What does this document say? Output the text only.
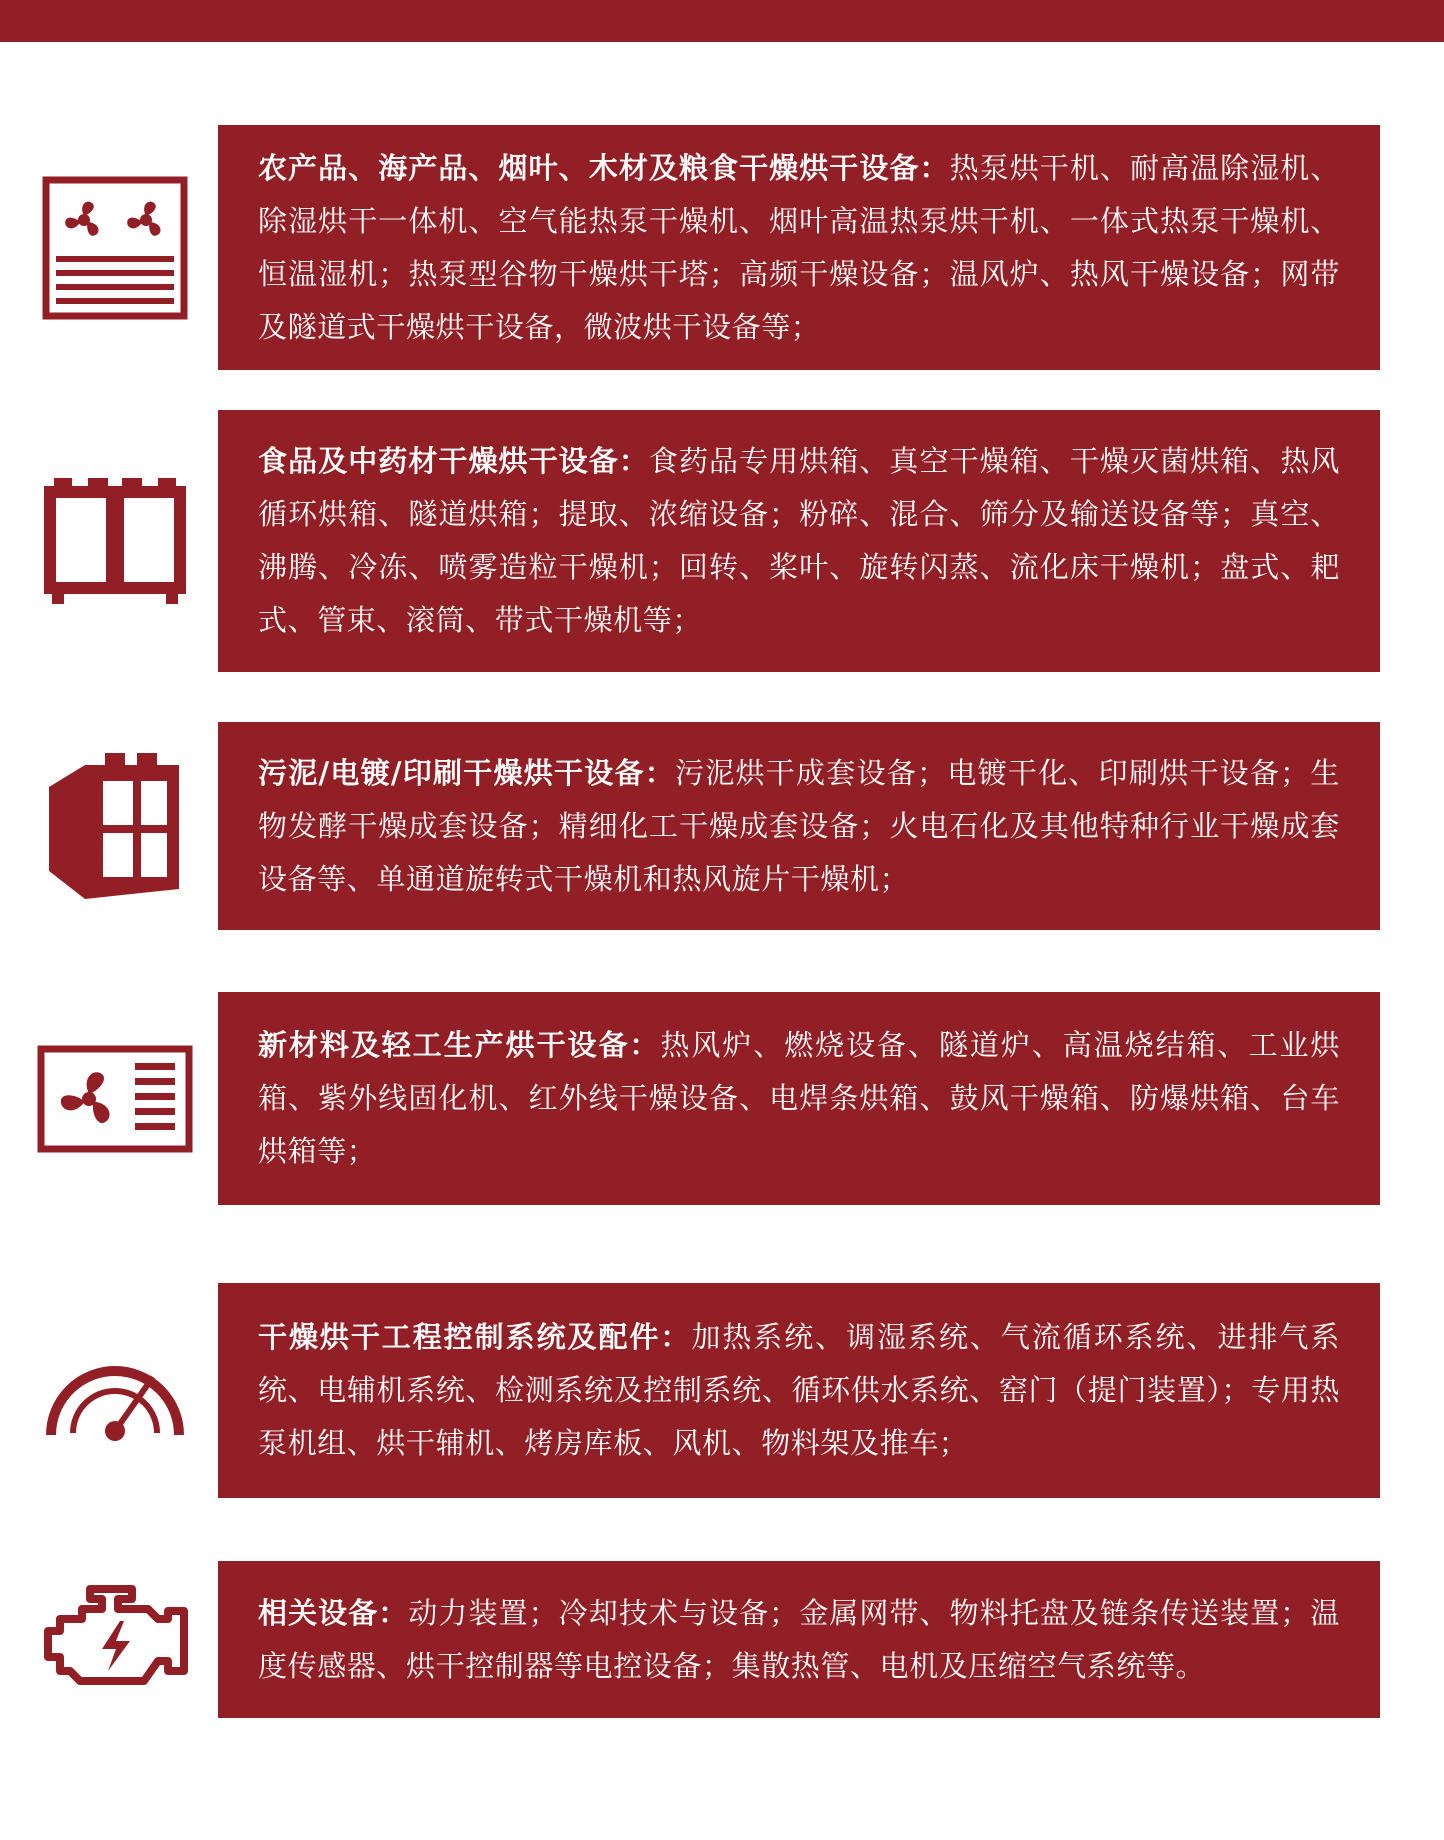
农产品、海产品、烟叶、木材及粮食干燥烘干设备：热泵烘干机、耐高温除湿机、除湿烘干一体机、空气能热泵干燥机、烟叶高温热泵烘干机、一体式热泵干燥机、恒温湿机；热泵型谷物干燥烘干塔；高频干燥设备；温风炉、热风干燥设备；网带及隧道式干燥烘干设备，微波烘干设备等；

食品及中药材干燥烘干设备：食药品专用烘箱、真空干燥箱、干燥灭菌烘箱、热风循环烘箱、隧道烘箱；提取、浓缩设备；粉碎、混合、筛分及输送设备等；真空、沸腾、冷冻、喷雾造粒干燥机；回转、桨叶、旋转闪蒸、流化床干燥机；盘式、耙式、管束、滚筒、带式干燥机等；

污泥/电镀/印刷干燥烘干设备：污泥烘干成套设备；电镀干化、印刷烘干设备；生物发酵干燥成套设备；精细化工干燥成套设备；火电石化及其他特种行业干燥成套设备等、单通道旋转式干燥机和热风旋片干燥机；

新材料及轻工生产烘干设备：热风炉、燃烧设备、隧道炉、高温烧结箱、工业烘箱、紫外线固化机、红外线干燥设备、电焊条烘箱、鼓风干燥箱、防爆烘箱、台车烘箱等；

干燥烘干工程控制系统及配件：加热系统、调湿系统、气流循环系统、进排气系统、电辅机系统、检测系统及控制系统、循环供水系统、窑门（提门装置）；专用热泵机组、烘干辅机、烤房库板、风机、物料架及推车；

相关设备：动力装置；冷却技术与设备；金属网带、物料托盘及链条传送装置；温度传感器、烘干控制器等电控设备；集散热管、电机及压缩空气系统等。
